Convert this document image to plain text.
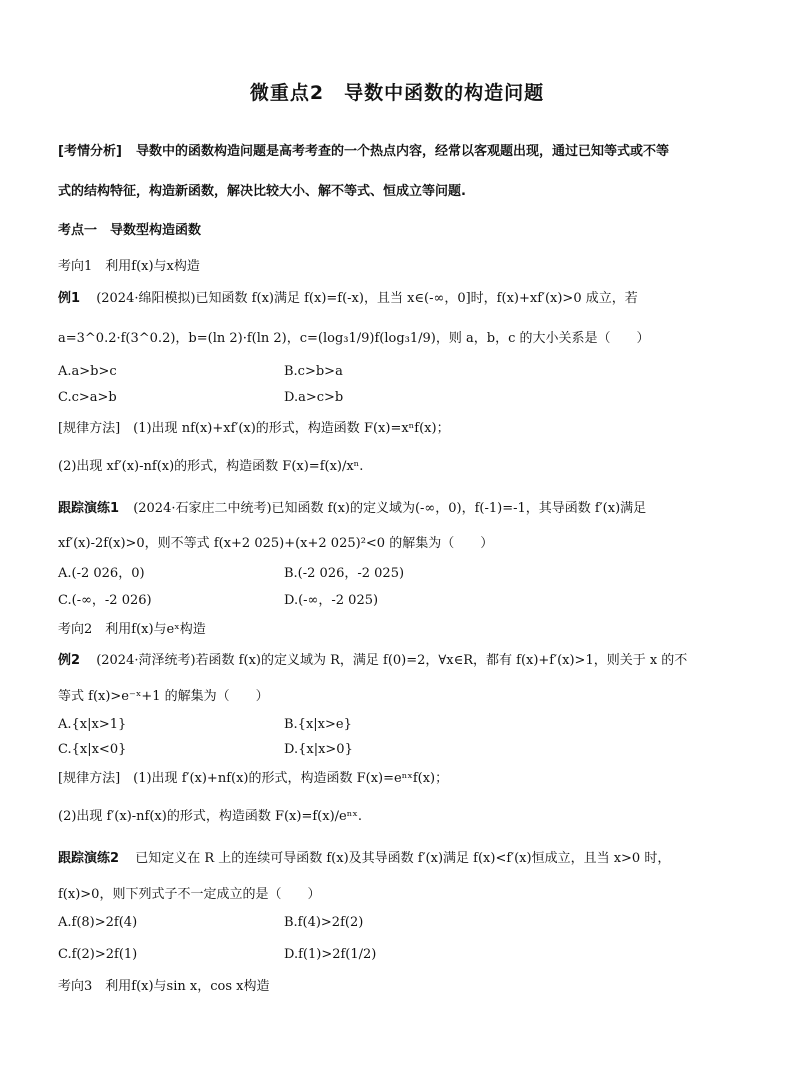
微重点2　导数中函数的构造问题
[考情分析] 导数中的函数构造问题是高考考查的一个热点内容，经常以客观题出现，通过已知等式或不等
式的结构特征，构造新函数，解决比较大小、解不等式、恒成立等问题.
考点一　导数型构造函数
考向1　利用f(x)与x构造
例1 (2024·绵阳模拟)已知函数 f(x)满足 f(x)=f(-x)，且当 x∈(-∞，0]时，f(x)+xf′(x)>0 成立，若
a=3^0.2·f(3^0.2)，b=(ln 2)·f(ln 2)，c=(log₃1/9)f(log₃1/9)，则 a，b，c 的大小关系是（　　）
A.a>b>c	B.c>b>a
C.c>a>b	D.a>c>b
[规律方法]　(1)出现 nf(x)+xf′(x)的形式，构造函数 F(x)=xⁿf(x)；
(2)出现 xf′(x)-nf(x)的形式，构造函数 F(x)=f(x)/xⁿ.
跟踪演练1 (2024·石家庄二中统考)已知函数 f(x)的定义域为(-∞，0)，f(-1)=-1，其导函数 f′(x)满足
xf′(x)-2f(x)>0，则不等式 f(x+2 025)+(x+2 025)²<0 的解集为（　　）
A.(-2 026，0)	B.(-2 026，-2 025)
C.(-∞，-2 026)	D.(-∞，-2 025)
考向2　利用f(x)与eˣ构造
例2 (2024·菏泽统考)若函数 f(x)的定义域为 R，满足 f(0)=2，∀x∈R，都有 f(x)+f′(x)>1，则关于 x 的不
等式 f(x)>e⁻ˣ+1 的解集为（　　）
A.{x|x>1}	B.{x|x>e}
C.{x|x<0}	D.{x|x>0}
[规律方法]　(1)出现 f′(x)+nf(x)的形式，构造函数 F(x)=eⁿˣf(x)；
(2)出现 f′(x)-nf(x)的形式，构造函数 F(x)=f(x)/eⁿˣ.
跟踪演练2 已知定义在 R 上的连续可导函数 f(x)及其导函数 f′(x)满足 f(x)<f′(x)恒成立，且当 x>0 时，
f(x)>0，则下列式子不一定成立的是（　　）
A.f(8)>2f(4)	B.f(4)>2f(2)
C.f(2)>2f(1)	D.f(1)>2f(1/2)
考向3　利用f(x)与sin x，cos x构造
